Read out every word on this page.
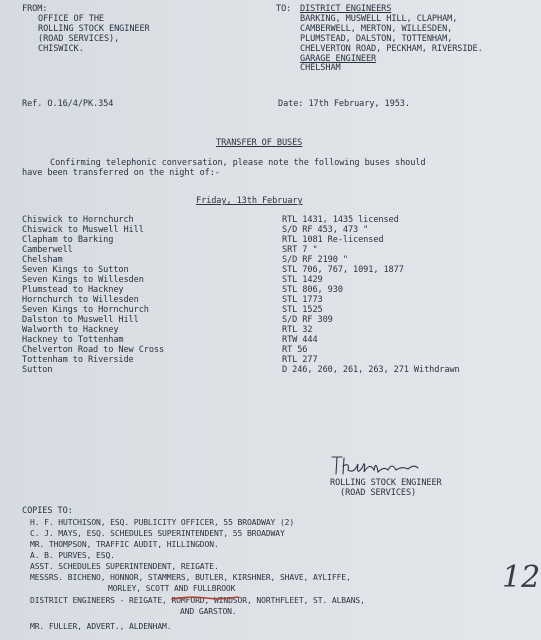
FROM:
OFFICE OF THE
ROLLING STOCK ENGINEER
(ROAD SERVICES),
CHISWICK.
TO: DISTRICT ENGINEERS
BARKING, MUSWELL HILL, CLAPHAM,
CAMBERWELL, MERTON, WILLESDEN,
PLUMSTEAD, DALSTON, TOTTENHAM,
CHELVERTON ROAD, PECKHAM, RIVERSIDE.
GARAGE ENGINEER
CHELSHAM
Ref. O.16/4/PK.354	Date: 17th February, 1953.
TRANSFER OF BUSES
Confirming telephonic conversation, please note the following buses should
have been transferred on the night of:-
Friday, 13th February
Chiswick to Hornchurch	RTL 1431, 1435 licensed
Chiswick to Muswell Hill	S/D RF 453, 473 "
Clapham to Barking	RTL 1081 Re-licensed
Camberwell	SRT 7 "
Chelsham	S/D RF 2190 "
Seven Kings to Sutton	STL 706, 767, 1091, 1877
Seven Kings to Willesden	STL 1429
Plumstead to Hackney	STL 806, 930
Hornchurch to Willesden	STL 1773
Seven Kings to Hornchurch	STL 1525
Dalston to Muswell Hill	S/D RF 309
Walworth to Hackney	RTL 32
Hackney to Tottenham	RTW 444
Chelverton Road to New Cross	RT 56
Tottenham to Riverside	RTL 277
Sutton	D 246, 260, 261, 263, 271 Withdrawn
ROLLING STOCK ENGINEER
(ROAD SERVICES)
COPIES TO:
H. F. HUTCHISON, ESQ. PUBLICITY OFFICER, 55 BROADWAY (2)
C. J. MAYS, ESQ. SCHEDULES SUPERINTENDENT, 55 BROADWAY
MR. THOMPSON, TRAFFIC AUDIT, HILLINGDON.
A. B. PURVES, ESQ.
ASST. SCHEDULES SUPERINTENDENT, REIGATE.
MESSRS. BICHENO, HONNOR, STAMMERS, BUTLER, KIRSHNER, SHAVE, AYLIFFE,
MORLEY, SCOTT AND FULLBROOK
DISTRICT ENGINEERS - REIGATE, ROMFORD, WINDSOR, NORTHFLEET, ST. ALBANS,
AND GARSTON.
MR. FULLER, ADVERT., ALDENHAM.
12
